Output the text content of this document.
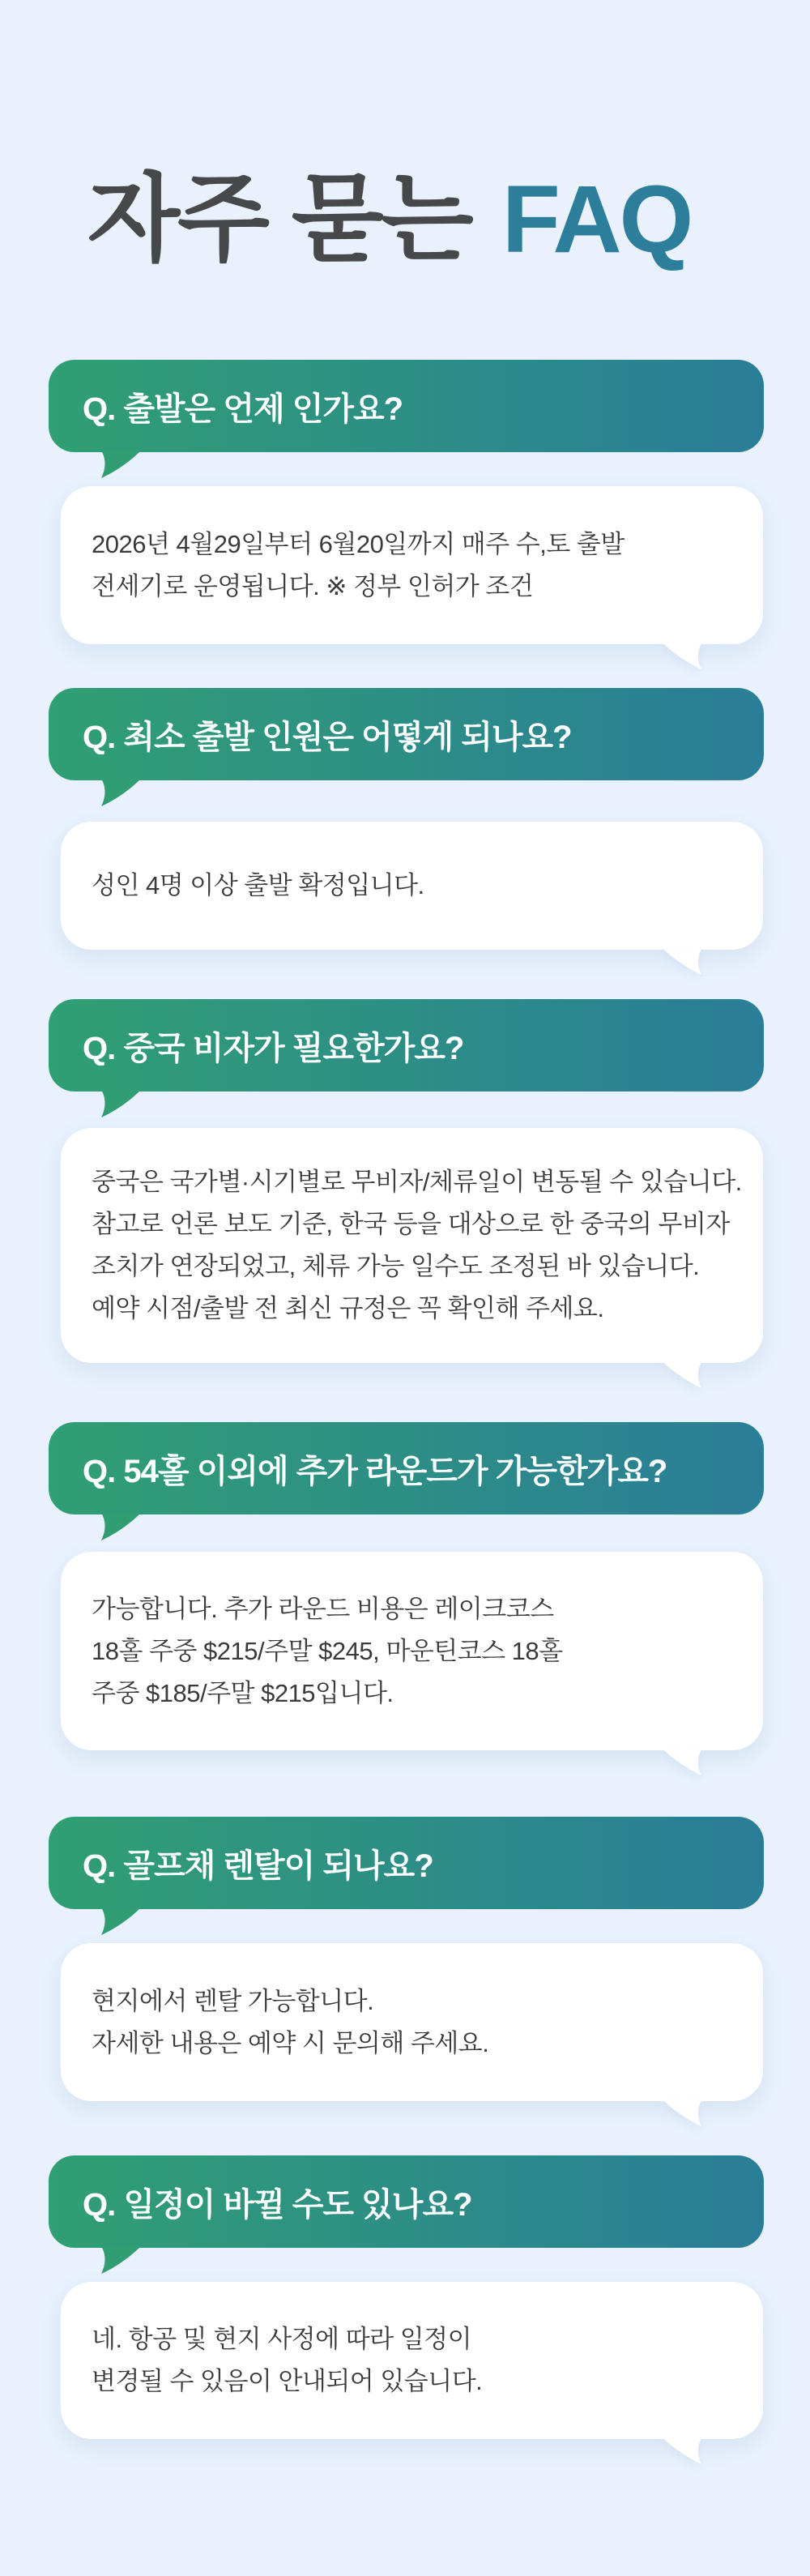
자주 묻는 FAQ
Q. 출발은 언제 인가요?
2026년 4월29일부터 6월20일까지 매주 수,토 출발
전세기로 운영됩니다. ※ 정부 인허가 조건
Q. 최소 출발 인원은 어떻게 되나요?
성인 4명 이상 출발 확정입니다.
Q. 중국 비자가 필요한가요?
중국은 국가별·시기별로 무비자/체류일이 변동될 수 있습니다.
참고로 언론 보도 기준, 한국 등을 대상으로 한 중국의 무비자
조치가 연장되었고, 체류 가능 일수도 조정된 바 있습니다.
예약 시점/출발 전 최신 규정은 꼭 확인해 주세요.
Q. 54홀 이외에 추가 라운드가 가능한가요?
가능합니다. 추가 라운드 비용은 레이크코스
18홀 주중 $215/주말 $245, 마운틴코스 18홀
주중 $185/주말 $215입니다.
Q. 골프채 렌탈이 되나요?
현지에서 렌탈 가능합니다.
자세한 내용은 예약 시 문의해 주세요.
Q. 일정이 바뀔 수도 있나요?
네. 항공 및 현지 사정에 따라 일정이
변경될 수 있음이 안내되어 있습니다.
